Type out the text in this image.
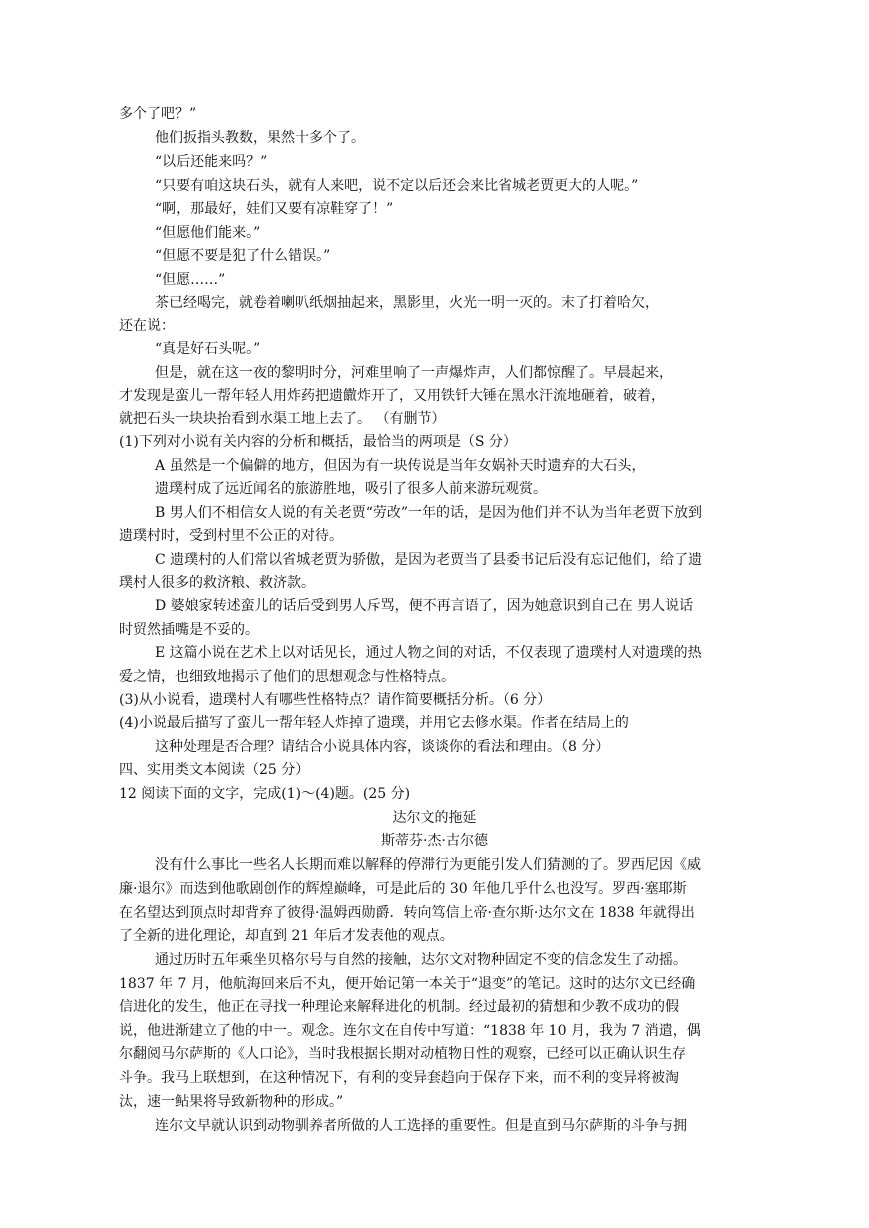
多个了吧？”
他们扳指头教数，果然十多个了。
“以后还能来吗？”
“只要有咱这块石头，就有人来吧，说不定以后还会来比省城老贾更大的人呢。”
“啊，那最好，娃们又要有凉鞋穿了！”
“但愿他们能来。”
“但愿不要是犯了什么错误。”
“但愿……”
茶已经喝完，就卷着喇叭纸烟抽起来，黑影里，火光一明一灭的。末了打着哈欠，
还在说：
“真是好石头呢。”
但是，就在这一夜的黎明时分，河难里响了一声爆炸声，人们都惊醒了。早晨起来，
才发现是蛮儿一帮年轻人用炸药把遗饊炸开了，又用铁钎大锤在黑水汗流地砸着，破着，
就把石头一块块抬看到水渠工地上去了。 （有删节）
(1)下列对小说有关内容的分析和概括，最恰当的两项是（S 分）
A 虽然是一个偏僻的地方，但因为有一块传说是当年女娲补天时遗弃的大石头，
遗璞村成了远近闻名的旅游胜地，吸引了很多人前来游玩观赏。
B 男人们不相信女人说的有关老贾“劳改”一年的话，是因为他们并不认为当年老贾下放到
遗璞村时，受到村里不公正的对待。
C 遗璞村的人们常以省城老贾为骄傲，是因为老贾当了县委书记后没有忘记他们，给了遗
璞村人很多的救济粮、救济款。
D 婆娘家转述蛮儿的话后受到男人斥骂，便不再言语了，因为她意识到自己在 男人说话
时贸然插嘴是不妥的。
E 这篇小说在艺术上以对话见长，通过人物之间的对话，不仅表现了遗璞村人对遗璞的热
爱之情，也细致地揭示了他们的思想观念与性格特点。
(3)从小说看，遗璞村人有哪些性格特点？请作简要概括分析。（6 分）
(4)小说最后描写了蛮儿一帮年轻人炸掉了遗璞，并用它去修水渠。作者在结局上的
这种处理是否合理？请结合小说具体内容，谈谈你的看法和理由。（8 分）
四、实用类文本阅读（25 分）
12 阅读下面的文字，完成(1)～(4)题。(25 分)
达尔文的拖延
斯蒂芬·杰·古尔德
没有什么事比一些名人长期而难以解释的停滞行为更能引发人们猜测的了。罗西尼因《威
廉·退尔》而迭到他歌剧创作的辉煌巅峰，可是此后的 30 年他几乎什么也没写。罗西·塞耶斯
在名望达到顶点时却背弃了彼得·温姆西勋爵．转向笃信上帝·查尔斯·达尔文在 1838 年就得出
了全新的进化理论，却直到 21 年后才发表他的观点。
通过历时五年乘坐贝格尔号与自然的接触，达尔文对物种固定不变的信念发生了动摇。
1837 年 7 月，他航海回来后不丸，便开始记第一本关于“退变”的笔记。这时的达尔文已经确
信进化的发生，他正在寻找一种理论来解释进化的机制。经过最初的猜想和少教不成功的假
说，他进渐建立了他的中一。观念。连尔文在自传中写道：“1838 年 10 月，我为 7 消遣，偶
尔翻阅马尔萨斯的《人口论》，当时我根据长期对动植物日性的观察，已经可以正确认识生存
斗争。我马上联想到，在这种情况下，有利的变异套趋向于保存下来，而不利的变异将被淘
汰，速一鲇果将导致新物种的形成。”
连尔文早就认识到动物驯养者所做的人工选择的重要性。但是直到马尔萨斯的斗争与拥
